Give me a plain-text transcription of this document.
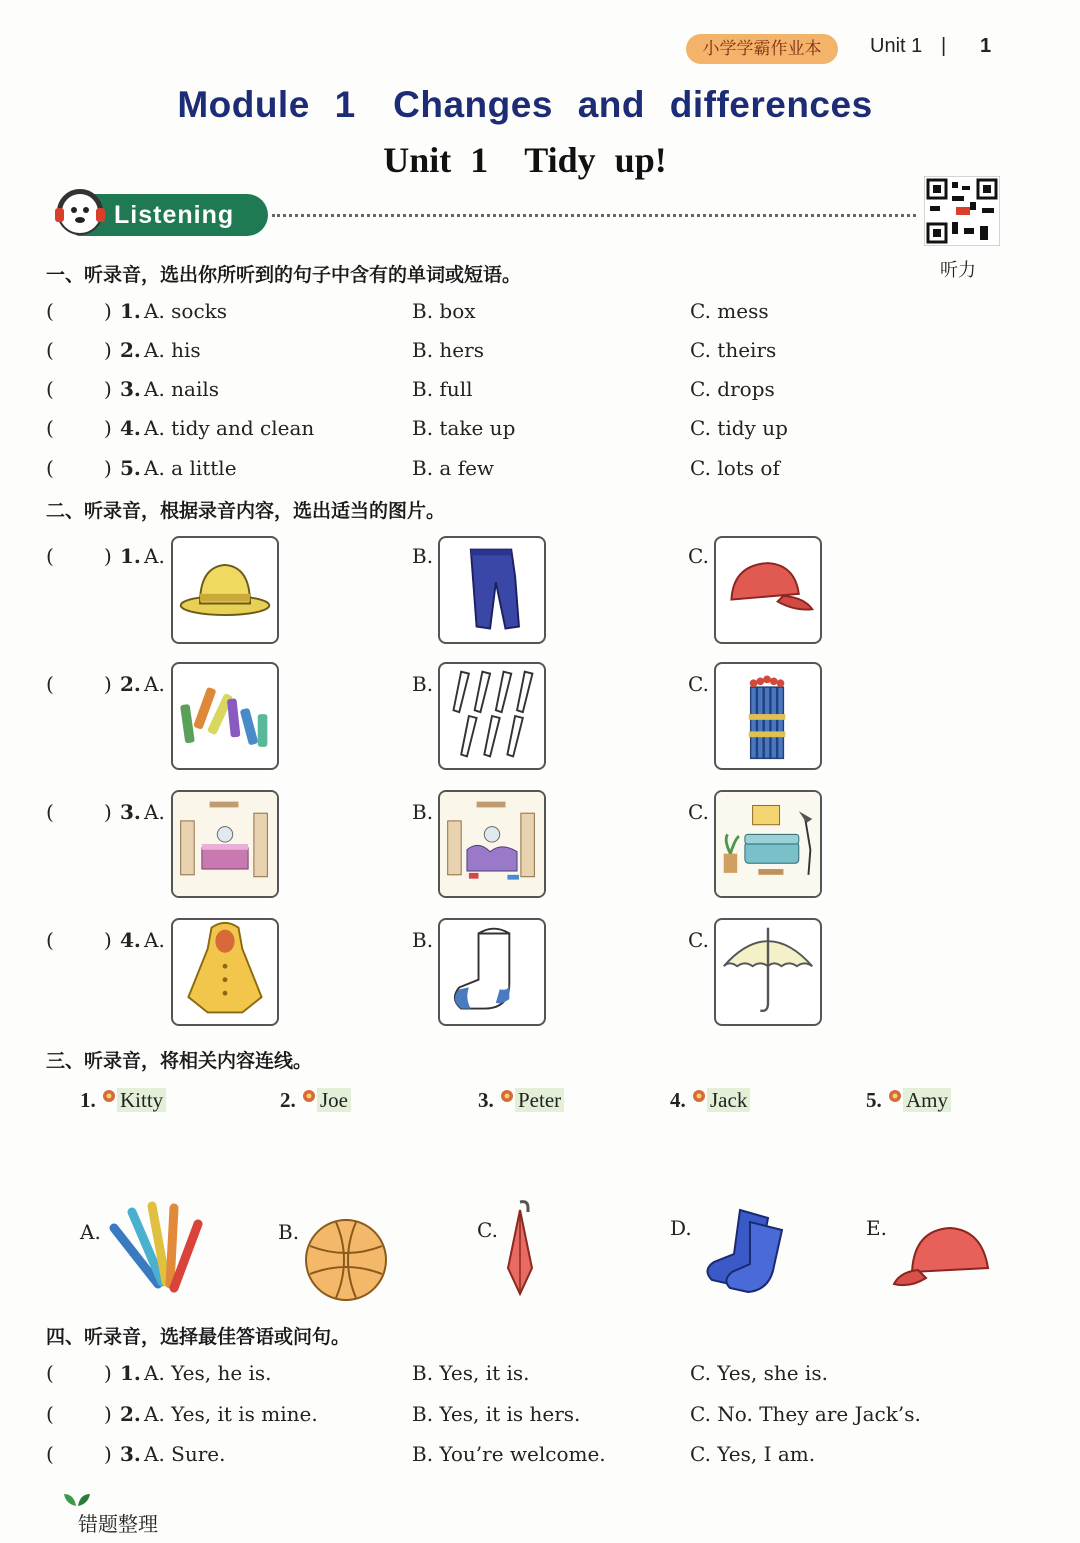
小学学霸作业本	Unit 1 | 1
Module 1　Changes and differences
Unit 1　Tidy up!
Listening
听力
一、听录音，选出你所听到的句子中含有的单词或短语。
(	) 1. A. socks	B. box	C. mess
(	) 2. A. his	B. hers	C. theirs
(	) 3. A. nails	B. full	C. drops
(	) 4. A. tidy and clean	B. take up	C. tidy up
(	) 5. A. a little	B. a few	C. lots of
二、听录音，根据录音内容，选出适当的图片。
(	) 1. A.	B.	C.
(	) 2. A.	B.	C.
(	) 3. A.	B.	C.
(	) 4. A.	B.	C.
三、听录音，将相关内容连线。
1. Kitty	2. Joe	3. Peter	4. Jack	5. Amy
A.	B.	C.	D.	E.
四、听录音，选择最佳答语或问句。
(	) 1. A. Yes, he is.	B. Yes, it is.	C. Yes, she is.
(	) 2. A. Yes, it is mine.	B. Yes, it is hers.	C. No. They are Jack’s.
(	) 3. A. Sure.	B. You’re welcome.	C. Yes, I am.
错题整理
